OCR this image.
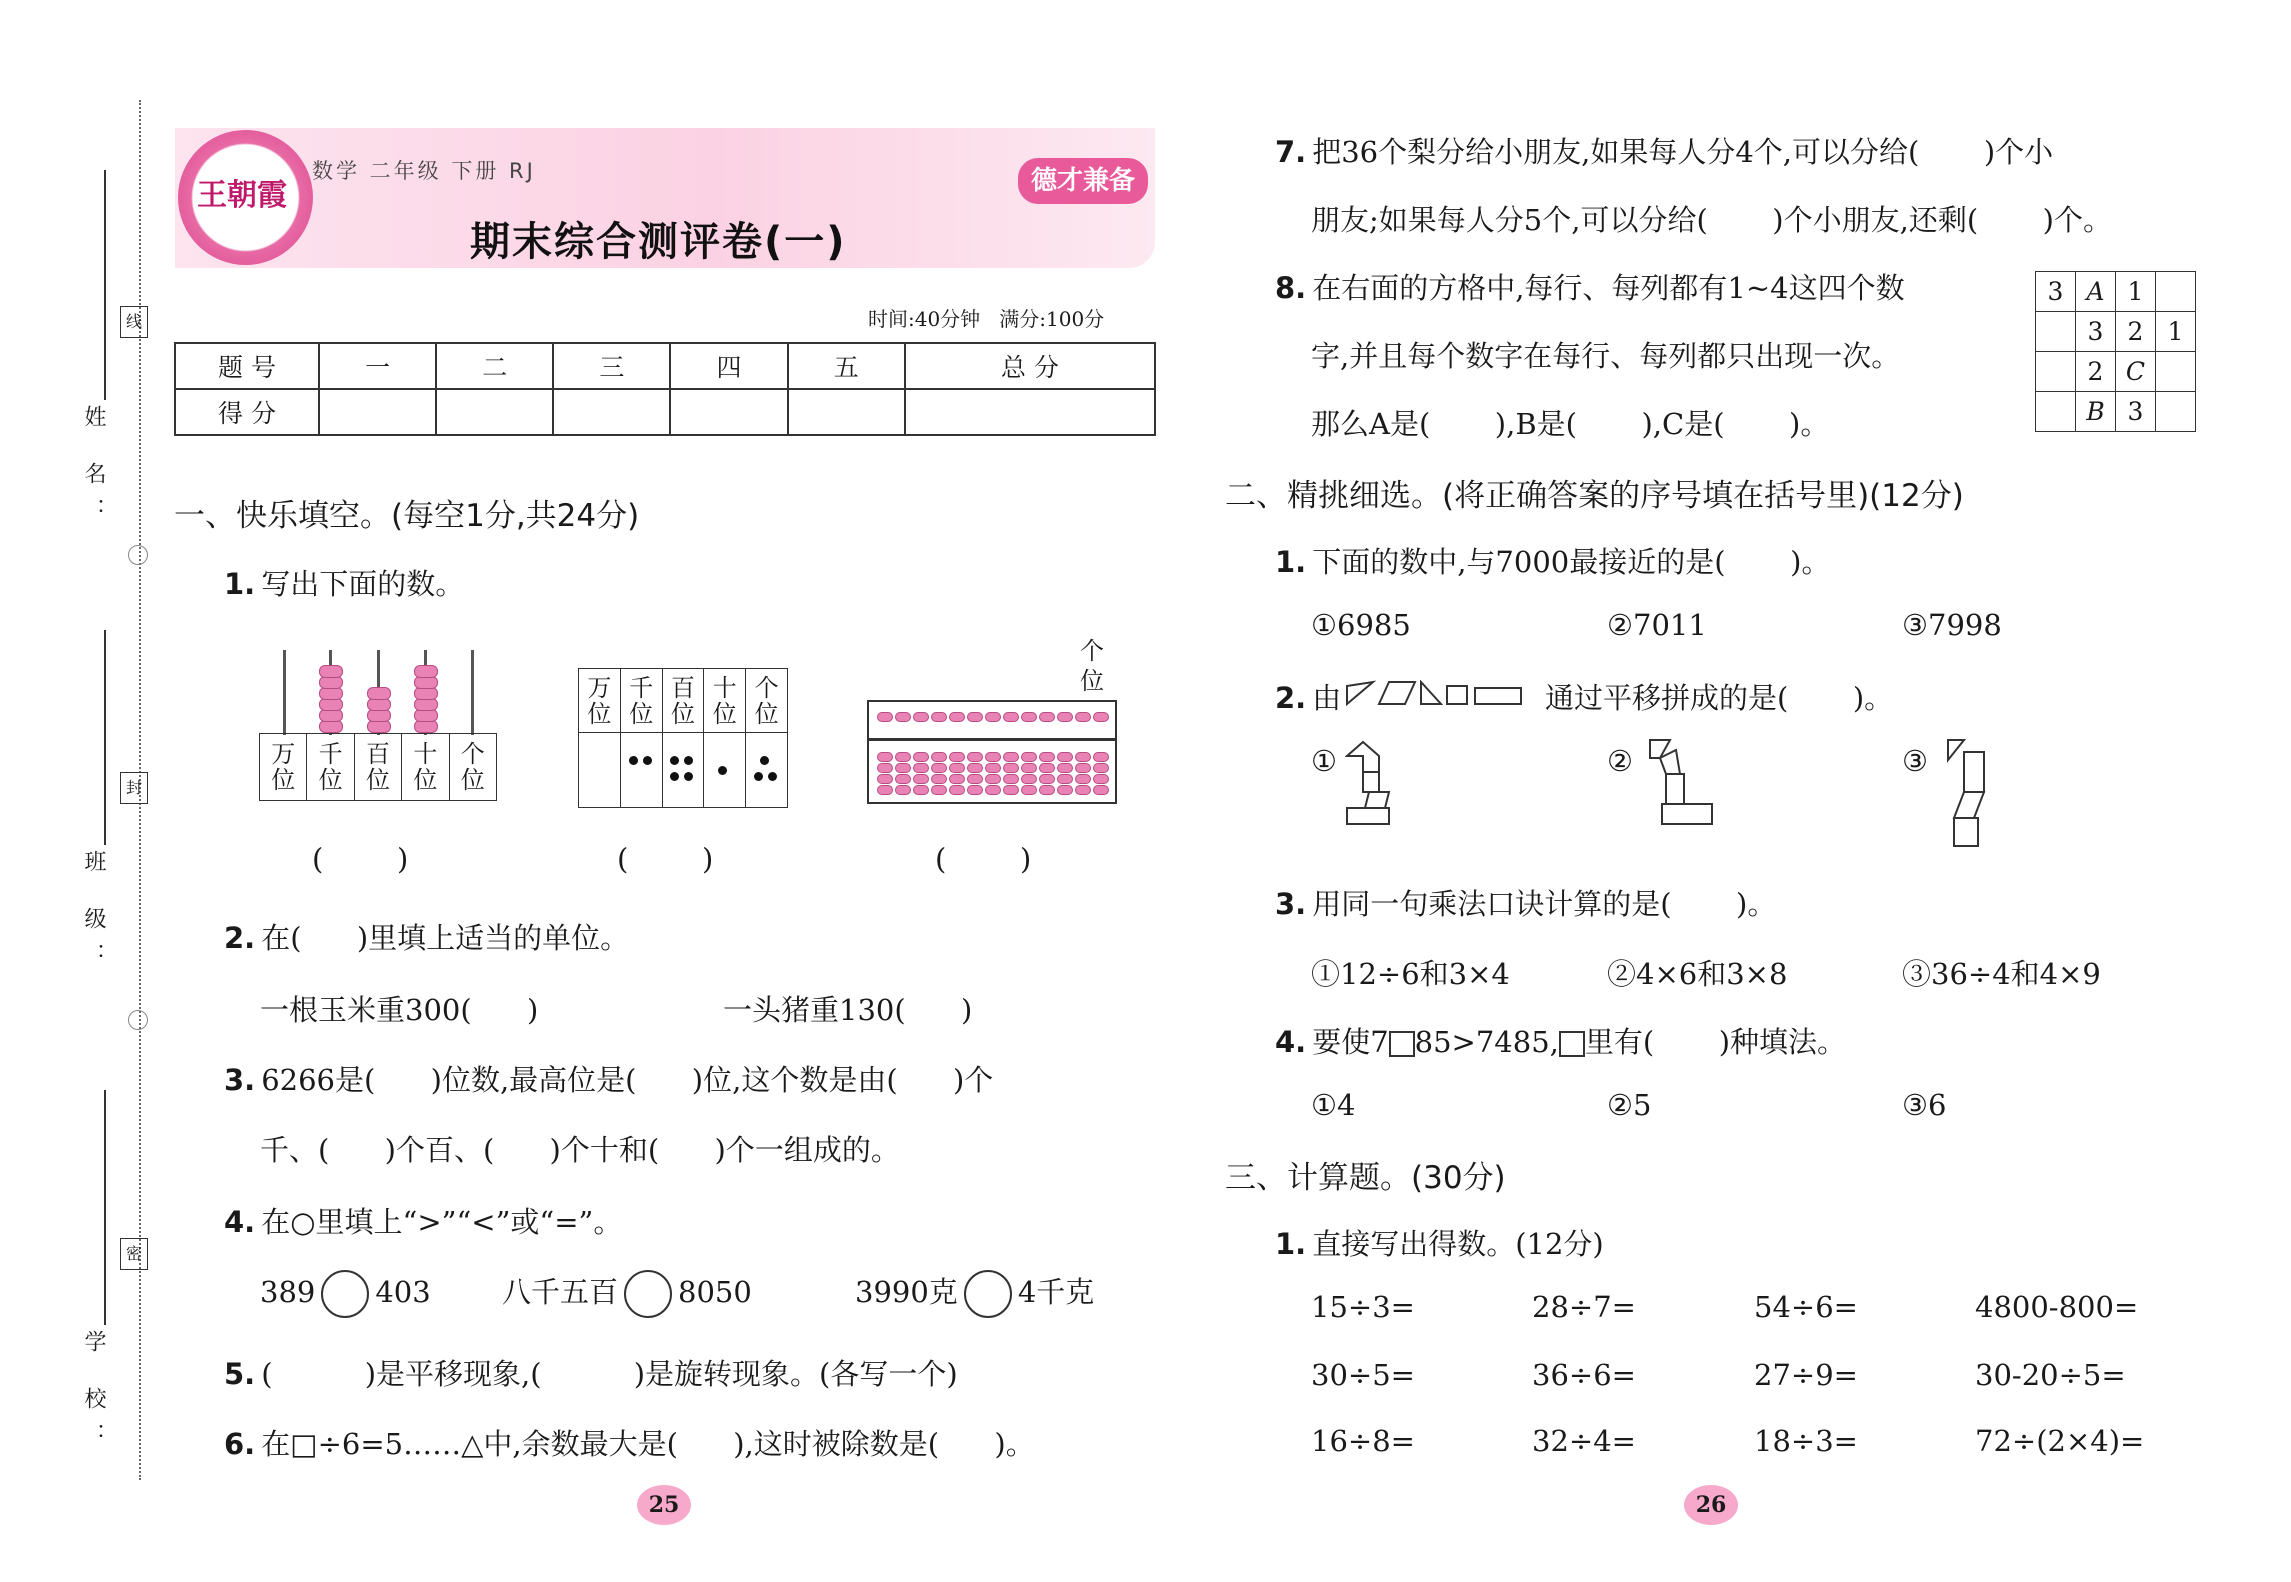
姓 名：
线
班 级：
封
学 校：
密
王朝霞
数学 二年级 下册 RJ	德才兼备
期末综合测评卷(一)
时间:40分钟   满分:100分
题 号	一	二	三	四	五	总 分
得 分						
一、快乐填空。(每空1分,共24分)
1. 写出下面的数。
万
位	千
位	百
位	十
位	个
位
万
位	千
位	百
位	十
位	个
位

个
位
(        )	(        )	(        )
2. 在(      )里填上适当的单位。
一根玉米重300(      )	一头猪重130(      )
3. 6266是(      )位数,最高位是(      )位,这个数是由(      )个
千、(      )个百、(      )个十和(      )个一组成的。
4. 在○里填上“>”“<”或“=”。
389 403 八千五百 8050	3990克 4千克
5. (          )是平移现象,(          )是旋转现象。(各写一个)
6. 在□÷6=5……△中,余数最大是(      ),这时被除数是(      )。
25
7. 把36个梨分给小朋友,如果每人分4个,可以分给(       )个小
朋友;如果每人分5个,可以分给(       )个小朋友,还剩(       )个。
8. 在右面的方格中,每行、每列都有1~4这四个数
字,并且每个数字在每行、每列都只出现一次。
那么A是(       ),B是(       ),C是(       )。
3	A	1	
	3	2	1
	2	C	
	B	3	
二、精挑细选。(将正确答案的序号填在括号里)(12分)
1. 下面的数中,与7000最接近的是(       )。
①6985	②7011	③7998
2. 由	通过平移拼成的是(       )。
①	②	③
3. 用同一句乘法口诀计算的是(       )。
①12÷6和3×4	②4×6和3×8	③36÷4和4×9
4. 要使7 85>7485, 里有(       )种填法。
①4	②5	③6
三、计算题。(30分)
1. 直接写出得数。(12分)
15÷3=	28÷7=	54÷6=	4800-800=
30÷5=	36÷6=	27÷9=	30-20÷5=
16÷8=	32÷4=	18÷3=	72÷(2×4)=
26
